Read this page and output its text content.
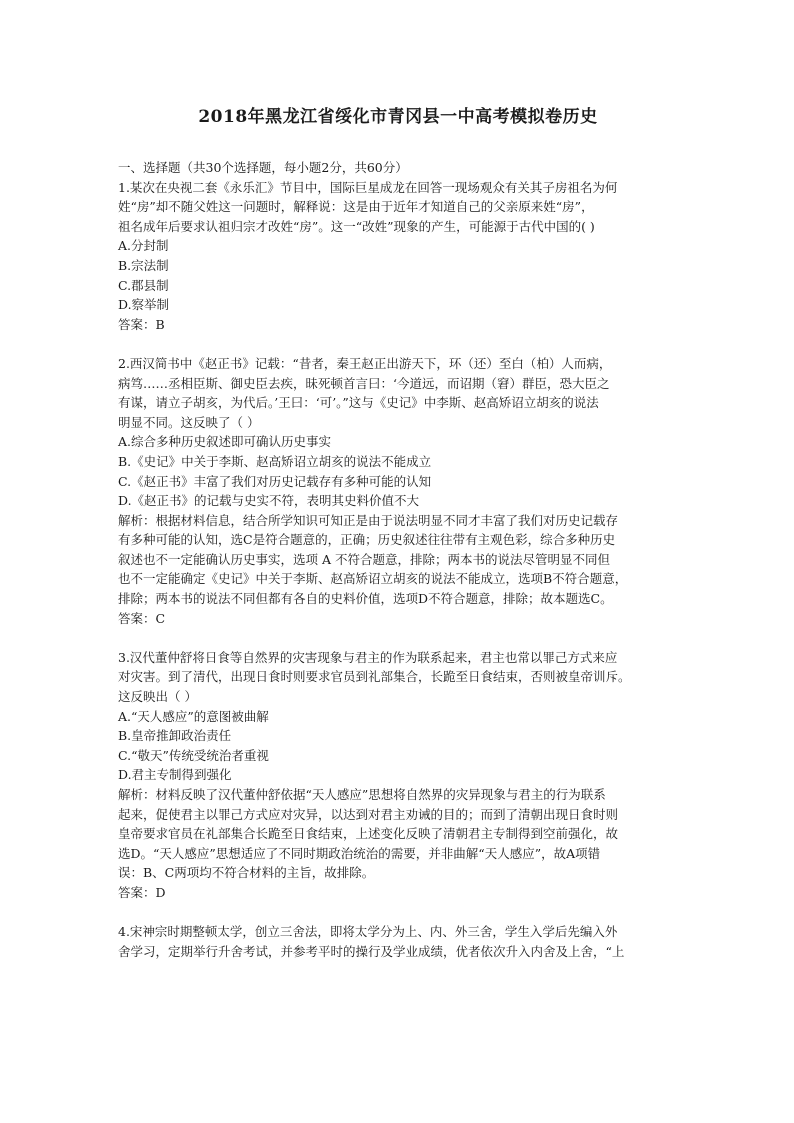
2018年黑龙江省绥化市青冈县一中高考模拟卷历史
一、选择题（共30个选择题，每小题2分，共60分）
1.某次在央视二套《永乐汇》节目中，国际巨星成龙在回答一现场观众有关其子房祖名为何
姓“房”却不随父姓这一问题时，解释说：这是由于近年才知道自己的父亲原来姓“房”，
祖名成年后要求认祖归宗才改姓“房”。这一“改姓”现象的产生，可能源于古代中国的( )
A.分封制
B.宗法制
C.郡县制
D.察举制
答案：B
2.西汉简书中《赵正书》记载：“昔者，秦王赵正出游天下，环（还）至白（柏）人而病，
病笃……丞相臣斯、御史臣去疾，昧死顿首言曰：‘今道远，而诏期（窘）群臣，恐大臣之
有谋，请立子胡亥，为代后。’王曰：‘可’。”这与《史记》中李斯、赵高矫诏立胡亥的说法
明显不同。这反映了（ ）
A.综合多种历史叙述即可确认历史事实
B.《史记》中关于李斯、赵高矫诏立胡亥的说法不能成立
C.《赵正书》丰富了我们对历史记载存有多种可能的认知
D.《赵正书》的记载与史实不符，表明其史料价值不大
解析：根据材料信息，结合所学知识可知正是由于说法明显不同才丰富了我们对历史记载存
有多种可能的认知，选C是符合题意的，正确；历史叙述往往带有主观色彩，综合多种历史
叙述也不一定能确认历史事实，选项 A 不符合题意，排除；两本书的说法尽管明显不同但
也不一定能确定《史记》中关于李斯、赵高矫诏立胡亥的说法不能成立，选项B不符合题意，
排除；两本书的说法不同但都有各自的史料价值，选项D不符合题意，排除；故本题选C。
答案：C
3.汉代董仲舒将日食等自然界的灾害现象与君主的作为联系起来，君主也常以罪己方式来应
对灾害。到了清代，出现日食时则要求官员到礼部集合，长跪至日食结束，否则被皇帝训斥。
这反映出（ ）
A.“天人感应”的意图被曲解
B.皇帝推卸政治责任
C.“敬天”传统受统治者重视
D.君主专制得到强化
解析：材料反映了汉代董仲舒依据“天人感应”思想将自然界的灾异现象与君主的行为联系
起来，促使君主以罪己方式应对灾异，以达到对君主劝诫的目的；而到了清朝出现日食时则
皇帝要求官员在礼部集合长跪至日食结束，上述变化反映了清朝君主专制得到空前强化，故
选D。“天人感应”思想适应了不同时期政治统治的需要，并非曲解“天人感应”，故A项错
误：B、C两项均不符合材料的主旨，故排除。
答案：D
4.宋神宗时期整顿太学，创立三舍法，即将太学分为上、内、外三舍，学生入学后先编入外
舍学习，定期举行升舍考试，并参考平时的操行及学业成绩，优者依次升入内舍及上舍，“上
